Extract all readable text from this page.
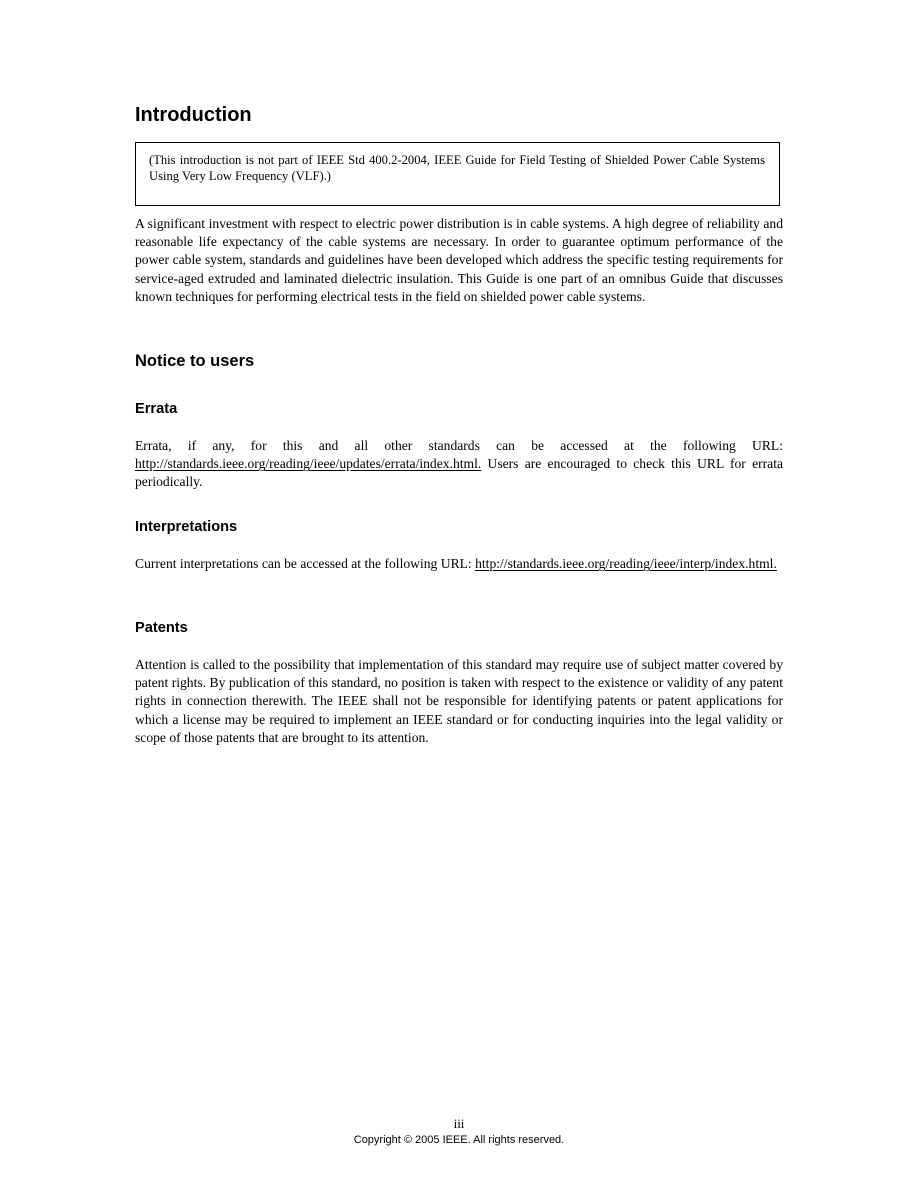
Introduction
(This introduction is not part of IEEE Std 400.2-2004, IEEE Guide for Field Testing of Shielded Power Cable Systems Using Very Low Frequency (VLF).)

A significant investment with respect to electric power distribution is in cable systems. A high degree of reliability and reasonable life expectancy of the cable systems are necessary. In order to guarantee optimum performance of the power cable system, standards and guidelines have been developed which address the specific testing requirements for service-aged extruded and laminated dielectric insulation. This Guide is one part of an omnibus Guide that discusses known techniques for performing electrical tests in the field on shielded power cable systems.

Notice to users
Errata

Errata, if any, for this and all other standards can be accessed at the following URL: http://standards.ieee.org/reading/ieee/updates/errata/index.html. Users are encouraged to check this URL for errata periodically.

Interpretations

Current interpretations can be accessed at the following URL: http://standards.ieee.org/reading/ieee/interp/index.html.

Patents

Attention is called to the possibility that implementation of this standard may require use of subject matter covered by patent rights. By publication of this standard, no position is taken with respect to the existence or validity of any patent rights in connection therewith. The IEEE shall not be responsible for identifying patents or patent applications for which a license may be required to implement an IEEE standard or for conducting inquiries into the legal validity or scope of those patents that are brought to its attention.

iii
Copyright © 2005 IEEE. All rights reserved.
